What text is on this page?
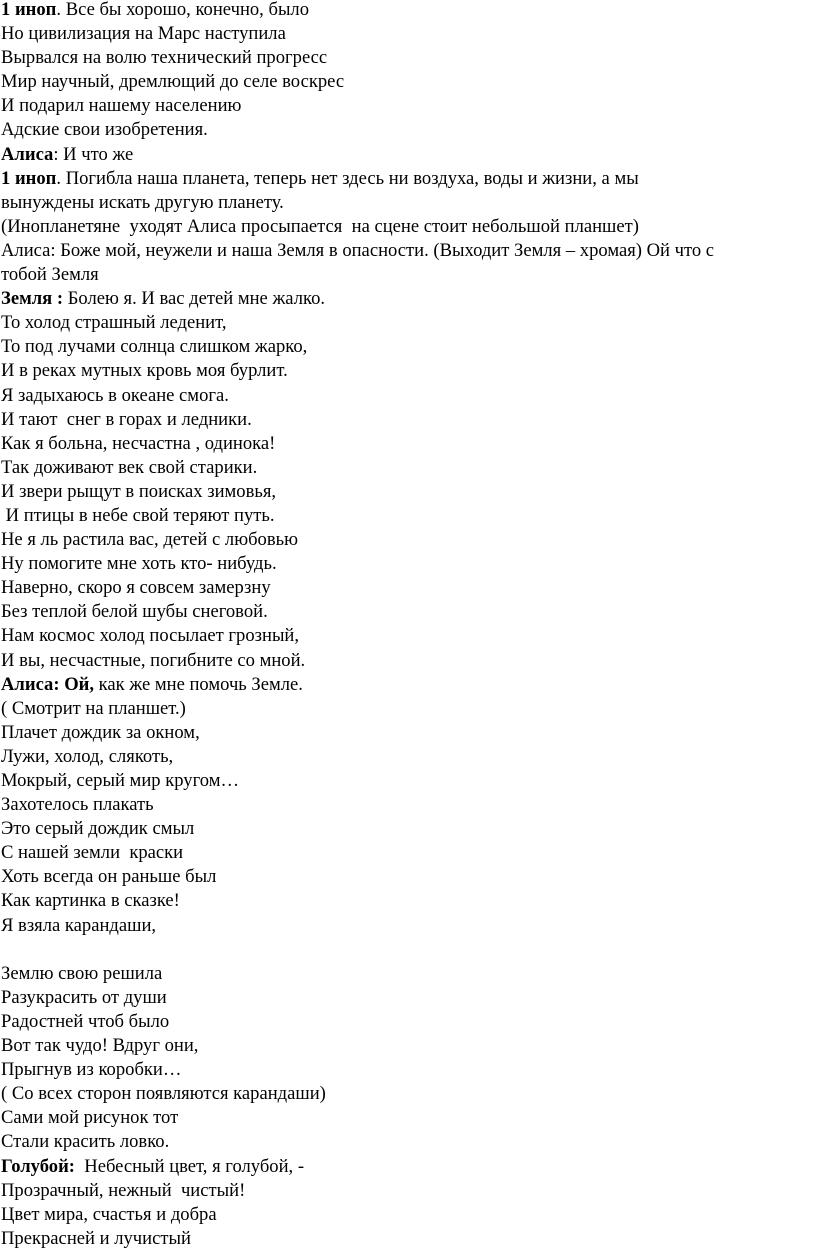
1 иноп. Все бы хорошо, конечно, было
Но цивилизация на Марс наступила
Вырвался на волю технический прогресс
Мир научный, дремлющий до селе воскрес
И подарил нашему населению
Адские свои изобретения.
Алиса: И что же
1 иноп. Погибла наша планета, теперь нет здесь ни воздуха, воды и жизни, а мы
вынуждены искать другую планету.
(Инопланетяне  уходят Алиса просыпается  на сцене стоит небольшой планшет)
Алиса: Боже мой, неужели и наша Земля в опасности. (Выходит Земля – хромая) Ой что с
тобой Земля
Земля : Болею я. И вас детей мне жалко.
То холод страшный леденит,
То под лучами солнца слишком жарко,
И в реках мутных кровь моя бурлит.
Я задыхаюсь в океане смога.
И тают  снег в горах и ледники.
Как я больна, несчастна , одинока!
Так доживают век свой старики.
И звери рыщут в поисках зимовья,
И птицы в небе свой теряют путь.
Не я ль растила вас, детей с любовью
Ну помогите мне хоть кто- нибудь.
Наверно, скоро я совсем замерзну
Без теплой белой шубы снеговой.
Нам космос холод посылает грозный,
И вы, несчастные, погибните со мной.
Алиса: Ой, как же мне помочь Земле.
( Смотрит на планшет.)
Плачет дождик за окном,
Лужи, холод, слякоть,
Мокрый, серый мир кругом…
Захотелось плакать
Это серый дождик смыл
С нашей земли  краски
Хоть всегда он раньше был
Как картинка в сказке!
Я взяла карандаши,
Землю свою решила
Разукрасить от души
Радостней чтоб было
Вот так чудо! Вдруг они,
Прыгнув из коробки…
( Со всех сторон появляются карандаши)
Сами мой рисунок тот
Стали красить ловко.
Голубой:  Небесный цвет, я голубой, -
Прозрачный, нежный  чистый!
Цвет мира, счастья и добра
Прекрасней и лучистый
